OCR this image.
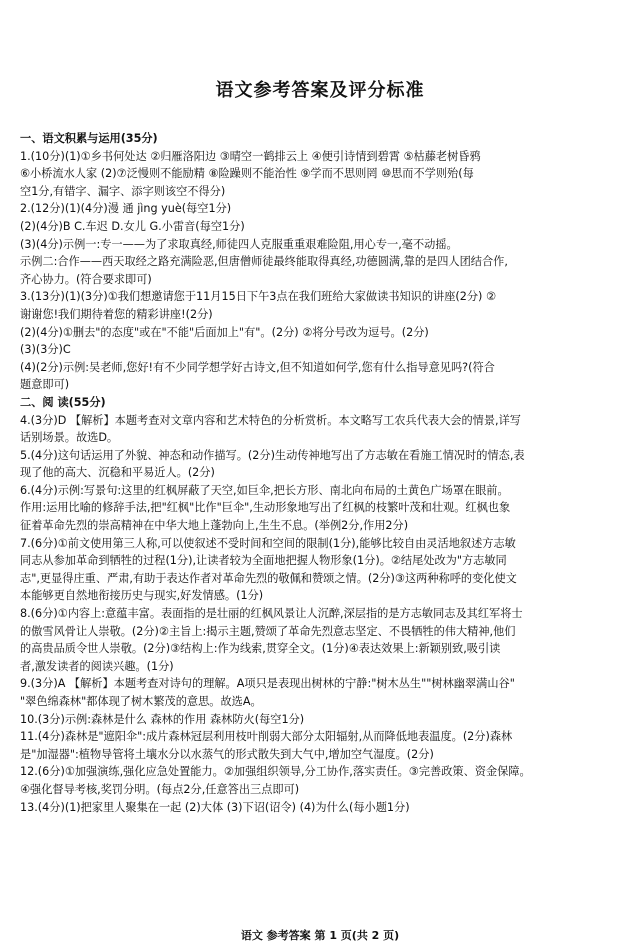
语文参考答案及评分标准
一、语文积累与运用(35分)
1.(10分)(1)①乡书何处达 ②归雁洛阳边 ③晴空一鹤排云上 ④便引诗情到碧霄 ⑤枯藤老树昏鸦
⑥小桥流水人家 (2)⑦泛慢则不能励精 ⑧险躁则不能治性 ⑨学而不思则罔 ⑩思而不学则殆(每
空1分,有错字、漏字、添字则该空不得分)
2.(12分)(1)(4分)漫 通 jìng yuè(每空1分)
(2)(4分)B C.车迟 D.女儿 G.小雷音(每空1分)
(3)(4分)示例一:专一——为了求取真经,师徒四人克服重重艰难险阻,用心专一,毫不动摇。
示例二:合作——西天取经之路充满险恶,但唐僧师徒最终能取得真经,功德圆满,靠的是四人团结合作,
齐心协力。(符合要求即可)
3.(13分)(1)(3分)①我们想邀请您于11月15日下午3点在我们班给大家做读书知识的讲座(2分) ②
谢谢您!我们期待着您的精彩讲座!(2分)
(2)(4分)①删去"的态度"或在"不能"后面加上"有"。(2分) ②将分号改为逗号。(2分)
(3)(3分)C
(4)(2分)示例:吴老师,您好!有不少同学想学好古诗文,但不知道如何学,您有什么指导意见吗?(符合
题意即可)
二、阅 读(55分)
4.(3分)D 【解析】本题考查对文章内容和艺术特色的分析赏析。本文略写工农兵代表大会的情景,详写
话别场景。故选D。
5.(4分)这句话运用了外貌、神态和动作描写。(2分)生动传神地写出了方志敏在看施工情况时的情态,表
现了他的高大、沉稳和平易近人。(2分)
6.(4分)示例:写景句:这里的红枫屏蔽了天空,如巨伞,把长方形、南北向布局的土黄色广场罩在眼前。
作用:运用比喻的修辞手法,把"红枫"比作"巨伞",生动形象地写出了红枫的枝繁叶茂和壮观。红枫也象
征着革命先烈的崇高精神在中华大地上蓬勃向上,生生不息。(举例2分,作用2分)
7.(6分)①前文使用第三人称,可以使叙述不受时间和空间的限制(1分),能够比较自由灵活地叙述方志敏
同志从参加革命到牺牲的过程(1分),让读者较为全面地把握人物形象(1分)。②结尾处改为"方志敏同
志",更显得庄重、严肃,有助于表达作者对革命先烈的敬佩和赞颂之情。(2分)③这两种称呼的变化使文
本能够更自然地衔接历史与现实,好发情感。(1分)
8.(6分)①内容上:意蕴丰富。表面指的是壮丽的红枫风景让人沉醉,深层指的是方志敏同志及其红军将士
的傲雪风骨让人崇敬。(2分)②主旨上:揭示主题,赞颂了革命先烈意志坚定、不畏牺牲的伟大精神,他们
的高贵品质令世人崇敬。(2分)③结构上:作为线索,贯穿全文。(1分)④表达效果上:新颖别致,吸引读
者,激发读者的阅读兴趣。(1分)
9.(3分)A 【解析】本题考查对诗句的理解。A项只是表现出树林的宁静:"树木丛生""树林幽翠满山谷"
"翠色绵森林"都体现了树木繁茂的意思。故选A。
10.(3分)示例:森林是什么 森林的作用 森林防火(每空1分)
11.(4分)森林是"遮阳伞":成片森林冠层利用枝叶削弱大部分太阳辐射,从而降低地表温度。(2分)森林
是"加湿器":植物导管将土壤水分以水蒸气的形式散失到大气中,增加空气湿度。(2分)
12.(6分)①加强演练,强化应急处置能力。②加强组织领导,分工协作,落实责任。③完善政策、资金保障。
④强化督导考核,奖罚分明。(每点2分,任意答出三点即可)
13.(4分)(1)把家里人聚集在一起 (2)大体 (3)下诏(诏令) (4)为什么(每小题1分)
语文 参考答案 第 1 页(共 2 页)
